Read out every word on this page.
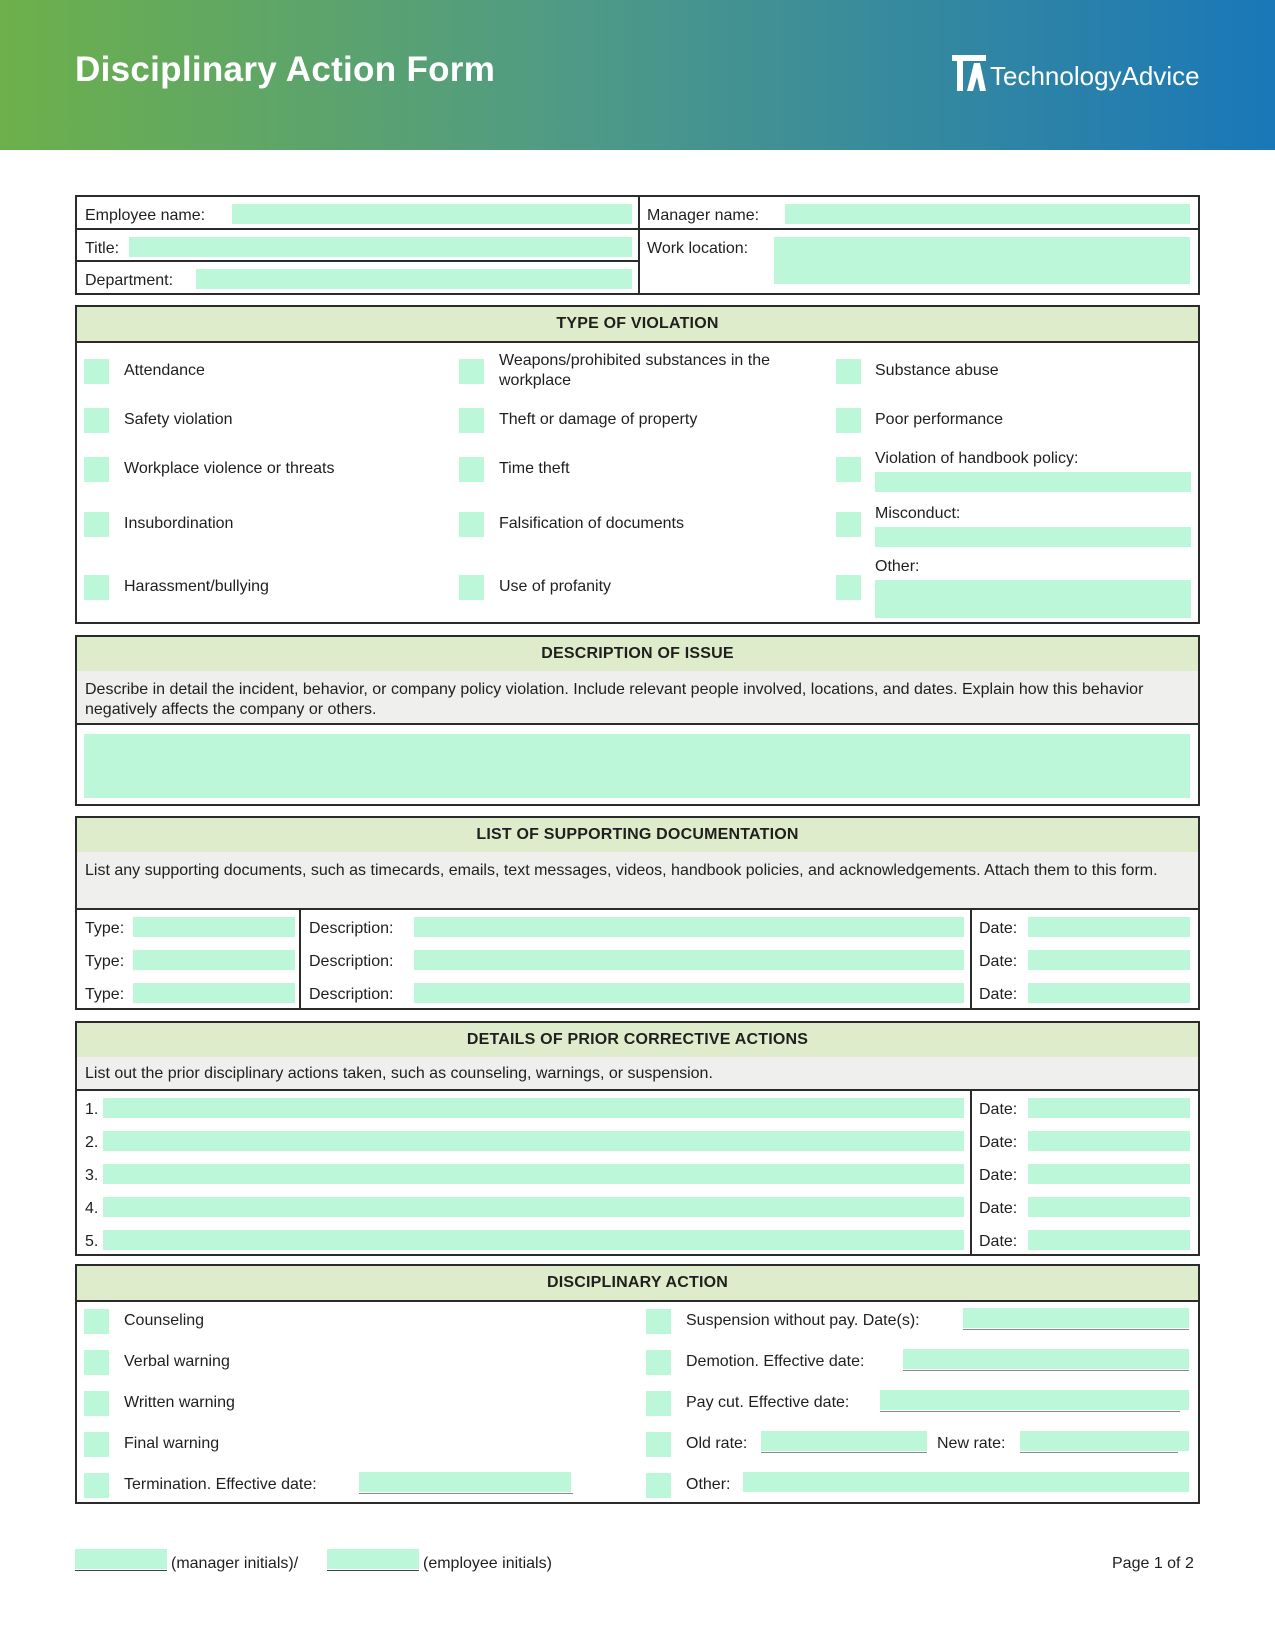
Disciplinary Action Form	TechnologyAdvice
Employee name:
Title:
Department:
Manager name:
Work location:
TYPE OF VIOLATION
Attendance
Safety violation
Workplace violence or threats
Insubordination
Harassment/bullying
Weapons/prohibited substances in the workplace
Theft or damage of property
Time theft
Falsification of documents
Use of profanity
Substance abuse
Poor performance
Violation of handbook policy:
Misconduct:
Other:
DESCRIPTION OF ISSUE
Describe in detail the incident, behavior, or company policy violation. Include relevant people involved, locations, and dates. Explain how this behavior negatively affects the company or others.
LIST OF SUPPORTING DOCUMENTATION
List any supporting documents, such as timecards, emails, text messages, videos, handbook policies, and acknowledgements. Attach them to this form.
Type:	Description:	Date:
Type:	Description:	Date:
Type:	Description:	Date:
DETAILS OF PRIOR CORRECTIVE ACTIONS
List out the prior disciplinary actions taken, such as counseling, warnings, or suspension.
1.	Date:
2.	Date:
3.	Date:
4.	Date:
5.	Date:
DISCIPLINARY ACTION
Counseling
Verbal warning
Written warning
Final warning
Termination. Effective date:
Suspension without pay. Date(s):
Demotion. Effective date:
Pay cut. Effective date:
Old rate:	New rate:
Other:
(manager initials)/	(employee initials)	Page 1 of 2
